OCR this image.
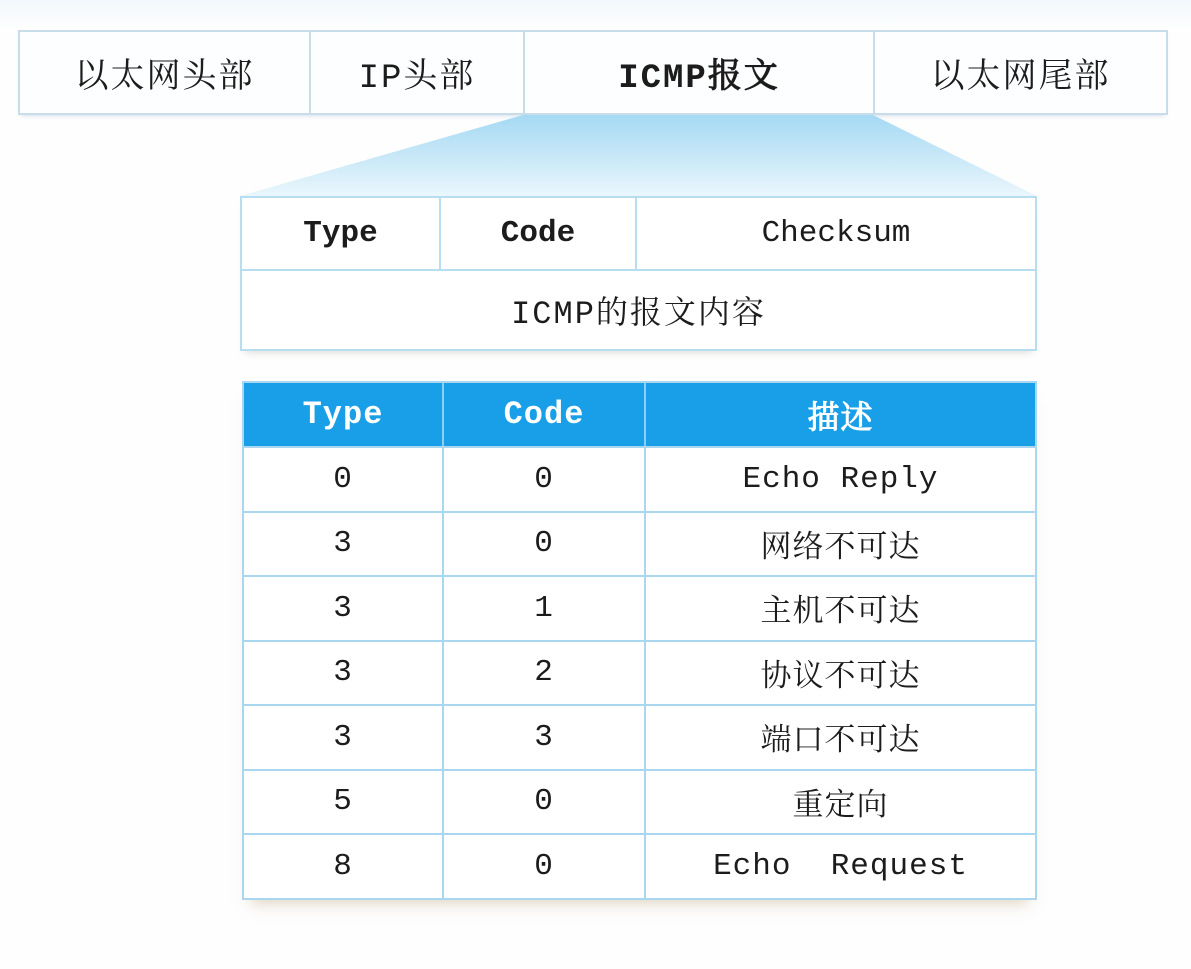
以太网头部	IP头部	ICMP报文	以太网尾部
Type	Code	Checksum
ICMP的报文内容
Type	Code	描述
0	0	Echo Reply
3	0	网络不可达
3	1	主机不可达
3	2	协议不可达
3	3	端口不可达
5	0	重定向
8	0	Echo  Request
